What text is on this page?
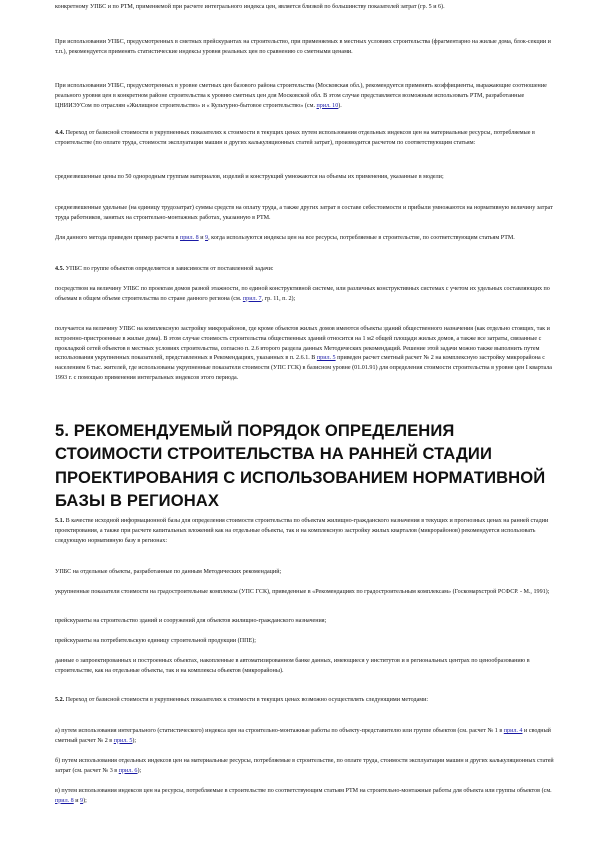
конкретному УПБС и по РТМ, применяемой при расчете интегрального индекса цен, является близкой по большинству показателей затрат (гр. 5 и 6).

При использовании УПБС, предусмотренных в сметных прейскурантах на строительство, при применяемых в местных условиях строительства (фрагментарно на жилые дома, блок-секции и т.п.), рекомендуется применять статистические индексы уровня реальных цен по сравнению со сметными ценами.

При использовании УПБС, предусмотренных в уровне сметных цен базового района строительства (Московская обл.), рекомендуется применять коэффициенты, выражающие соотношение реального уровня цен в конкретном районе строительства к уровню сметных цен для Московской обл. В этом случае представляется возможным использовать РТМ, разработанные ЦНИИЭУСом по отраслям «Жилищное строительство» и « Культурно-бытовое строительство» (см. прил. 10).

4.4. Переход от базисной стоимости в укрупненных показателях к стоимости в текущих ценах путем использования отдельных индексов цен на материальные ресурсы, потребляемые в строительстве (по оплате труда, стоимости эксплуатации машин и других калькуляционных статей затрат), производится расчетом по соответствующим статьям:

среднезвешенные цены по 50 однородным группам материалов, изделий и конструкций умножаются на объемы их применения, указанные в модели;

среднезвешенные удельные (на единицу трудозатрат) суммы средств на оплату труда, а также других затрат в составе себестоимости и прибыли умножаются на нормативную величину затрат труда работников, занятых на строительно-монтажных работах, указанную в РТМ.

Для данного метода приведен пример расчета в прил. 8 и 9, когда используются индексы цен на все ресурсы, потребляемые в строительстве, по соответствующим статьям РТМ.

4.5. УПБС по группе объектов определяется в зависимости от поставленной задачи:

посредством на величину УПБС по проектам домов разной этажности, по единой конструктивной системе, или различных конструктивных системах с учетом их удельных составляющих по объемам в общем объеме строительства по стране данного региона (см. прил. 7, гр. 11, п. 2);

получается на величину УПБС на комплексную застройку микрорайонов, где кроме объектов жилых домов имеются объекты зданий общественного назначения (как отдельно стоящих, так и встроенно-пристроенные в жилые дома). В этом случае стоимость строительства общественных зданий относится на 1 м2 общей площади жилых домов, а также все затраты, связанные с прокладкой сетей объектов в местных условиях строительства, согласно п. 2.6 второго раздела данных Методических рекомендаций. Решение этой задачи можно также выполнить путем использования укрупненных показателей, представленных в Рекомендациях, указанных в п. 2.6.1. В прил. 5 приведен расчет сметный расчет № 2 на комплексную застройку микрорайона с населением 6 тыс. жителей, где использованы укрупненные показатели стоимости (УПС ГСК) в базисном уровне (01.01.91) для определения стоимости строительства в уровне цен I квартала 1993 г. с помощью применения интегральных индексов этого периода.

5. РЕКОМЕНДУЕМЫЙ ПОРЯДОК ОПРЕДЕЛЕНИЯ СТОИМОСТИ СТРОИТЕЛЬСТВА НА РАННЕЙ СТАДИИ ПРОЕКТИРОВАНИЯ С ИСПОЛЬЗОВАНИЕМ НОРМАТИВНОЙ БАЗЫ В РЕГИОНАХ

5.1. В качестве исходной информационной базы для определения стоимости строительства по объектам жилищно-гражданского назначения в текущих и прогнозных ценах на ранней стадии проектирования, а также при расчете капитальных вложений как на отдельные объекты, так и на комплексную застройку жилых кварталов (микрорайонов) рекомендуется использовать следующую нормативную базу в регионах:

УПБС на отдельные объекты, разработанные по данным Методических рекомендаций;

укрупненные показатели стоимости на градостроительные комплексы (УПС ГСК), приведенные в «Рекомендациях по градостроительным комплексам» (Госкомархстрой РСФСР. - М., 1991);

прейскуранты на строительство зданий и сооружений для объектов жилищно-гражданского назначения;

прейскуранты на потребительскую единицу строительной продукции (ППЕ);

данные о запроектированных и построенных объектах, накопленные в автоматизированном банке данных, имеющиеся у институтов и в региональных центрах по ценообразованию в строительстве, как на отдельные объекты, так и на комплексы объектов (микрорайоны).

5.2. Переход от базисной стоимости в укрупненных показателях к стоимости в текущих ценах возможно осуществлять следующими методами:

а) путем использования интегрального (статистического) индекса цен на строительно-монтажные работы по объекту-представителю или группе объектов (см. расчет № 1 в прил. 4 и сводный сметный расчет № 2 в прил. 5);

б) путем использования отдельных индексов цен на материальные ресурсы, потребляемые в строительстве, по оплате труда, стоимости эксплуатации машин и других калькуляционных статей затрат (см. расчет № 3 в прил. 6);

в) путем использования индексов цен на ресурсы, потребляемые в строительстве по соответствующим статьям РТМ на строительно-монтажные работы для объекта или группы объектов (см. прил. 8 и 9);
